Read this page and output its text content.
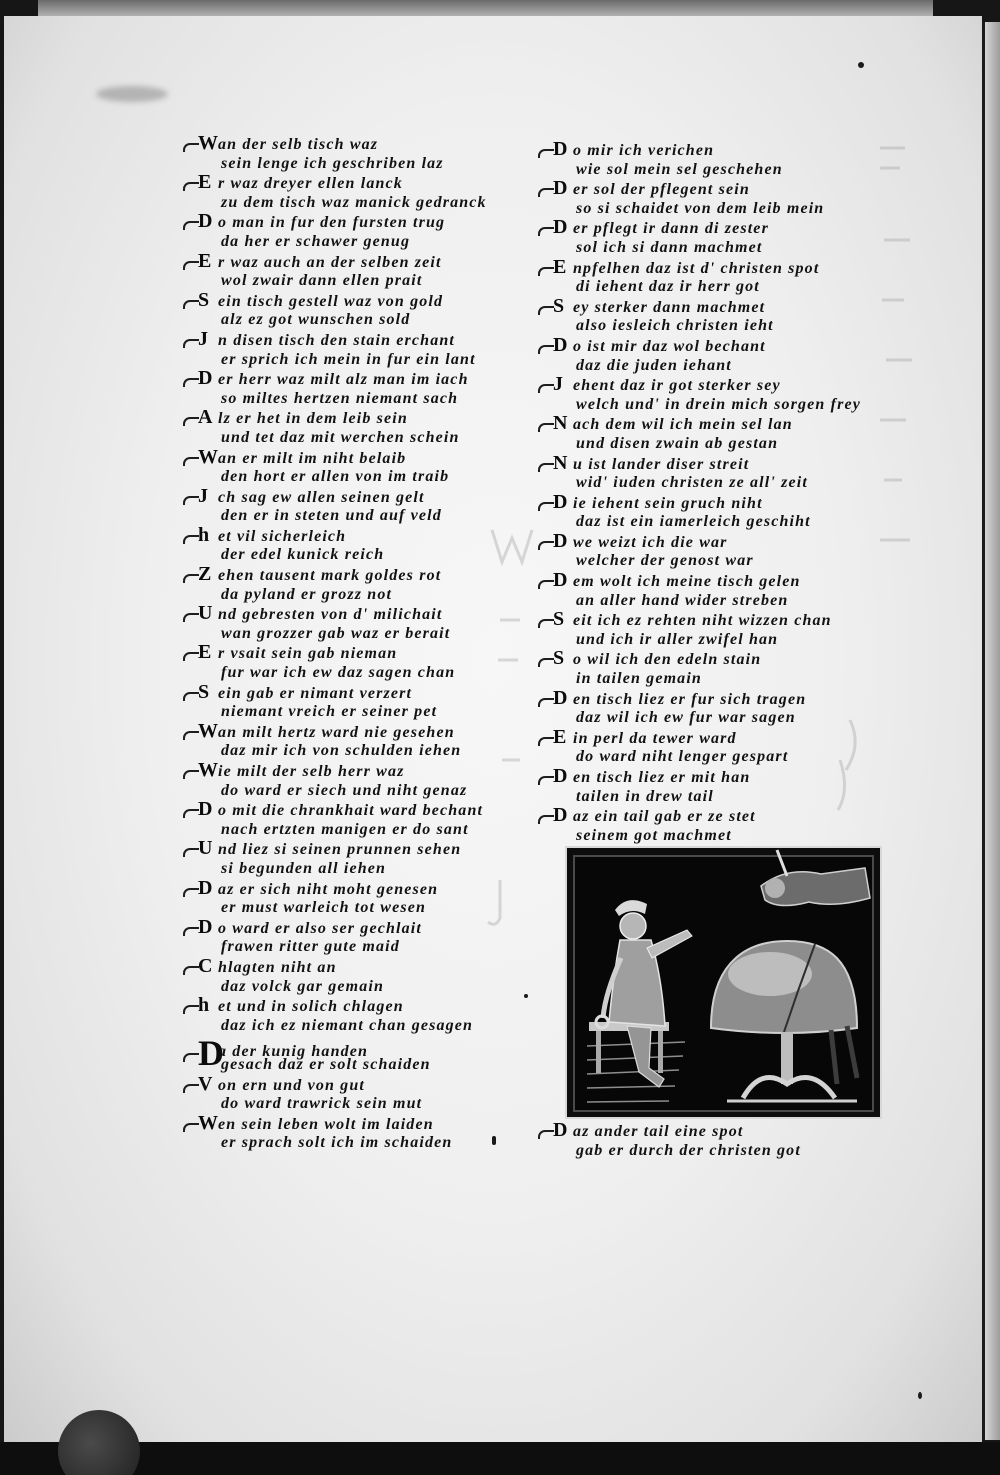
Wan der selb tisch waz
sein lenge ich geschriben laz
E r waz dreyer ellen lanck
zu dem tisch waz manick gedranck
D o man in fur den fursten trug
da her er schawer genug
E r waz auch an der selben zeit
wol zwair dann ellen prait
S ein tisch gestell waz von gold
alz ez got wunschen sold
J n disen tisch den stain erchant
er sprich ich mein in fur ein lant
D er herr waz milt alz man im iach
so miltes hertzen niemant sach
A lz er het in dem leib sein
und tet daz mit werchen schein
Wan er milt im niht belaib
den hort er allen von im traib
J ch sag ew allen seinen gelt
den er in steten und auf veld
h et vil sicherleich
der edel kunick reich
Z ehen tausent mark goldes rot
da pyland er grozz not
U nd gebresten von d' milichait
wan grozzer gab waz er berait
E r vsait sein gab nieman
fur war ich ew daz sagen chan
S ein gab er nimant verzert
niemant vreich er seiner pet
Wan milt hertz ward nie gesehen
daz mir ich von schulden iehen
Wie milt der selb herr waz
do ward er siech und niht genaz
D o mit die chrankhait ward bechant
nach ertzten manigen er do sant
U nd liez si seinen prunnen sehen
si begunden all iehen
D az er sich niht moht genesen
er must warleich tot wesen
D o ward er also ser gechlait
frawen ritter gute maid
C hlagten niht an
daz volck gar gemain
h et und in solich chlagen
daz ich ez niemant chan gesagen
Da der kunig handen
gesach daz er solt schaiden
V on ern und von gut
do ward trawrick sein mut
Wen sein leben wolt im laiden
er sprach solt ich im schaiden
D o mir ich verichen
wie sol mein sel geschehen
D er sol der pflegent sein
so si schaidet von dem leib mein
D er pflegt ir dann di zester
sol ich si dann machmet
E npfelhen daz ist d' christen spot
di iehent daz ir herr got
S ey sterker dann machmet
also iesleich christen ieht
D o ist mir daz wol bechant
daz die juden iehant
J ehent daz ir got sterker sey
welch und' in drein mich sorgen frey
N ach dem wil ich mein sel lan
und disen zwain ab gestan
N u ist lander diser streit
wid' iuden christen ze all' zeit
D ie iehent sein gruch niht
daz ist ein iamerleich geschiht
D we weizt ich die war
welcher der genost war
D em wolt ich meine tisch gelen
an aller hand wider streben
S eit ich ez rehten niht wizzen chan
und ich ir aller zwifel han
S o wil ich den edeln stain
in tailen gemain
D en tisch liez er fur sich tragen
daz wil ich ew fur war sagen
E in perl da tewer ward
do ward niht lenger gespart
D en tisch liez er mit han
tailen in drew tail
D az ein tail gab er ze stet
seinem got machmet
D az ander tail eine spot
gab er durch der christen got
